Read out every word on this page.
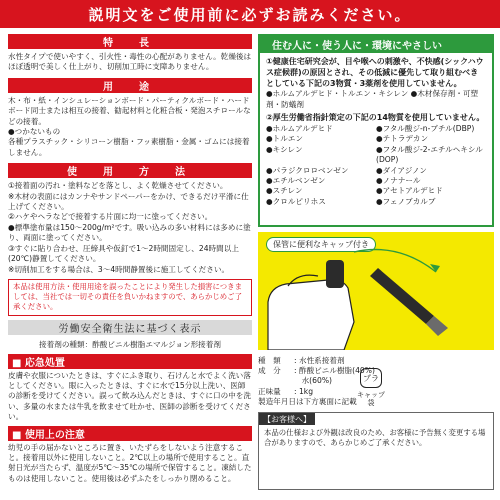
説明文をご使用前に必ずお読みください。
特　長
水性タイプで使いやすく、引火性・毒性の心配がありません。乾燥後はほぼ透明で美しく仕上がり、切削加工時に支障ありません。
用　途
木・布・紙・インシュレーションボード・パーティクルボード・ハードボード同士または相互の接着、勧起材料と化粧合板・発泡スチロールなどの接着。
●つかないもの
各種プラスチック・シリコーン樹脂・フッ素樹脂・金属・ゴムには接着しません。
使　用　方　法
①接着面の汚れ・塗料などを落とし、よく乾燥させてください。
※木材の表面にはカンナやサンドペーパーをかけ、できるだけ平滑に仕上げてください。
②ハケやヘラなどで接着する片面に均一に塗ってください。
●標準塗布量は150〜200g/m²です。吸い込みの多い材料には多めに塗り、両面に塗ってください。
③すぐに貼り合わせ、圧締具や仮釘で1〜2時間固定し、24時間以上(20℃)静置してください。
※切削加工をする場合は、3〜4時間静置後に施工してください。
本品は使用方法・使用用途を誤ったことにより発生した損害につきましては、当社では一切その責任を負いかねますので、あらかじめご了承ください。
労働安全衛生法に基づく表示
接着剤の種類：酢酸ビニル樹脂エマルジョン形接着剤
■ 応急処置
皮膚や衣服についたときは、すぐにふき取り、石けんと水でよく洗い落としてください。眼に入ったときは、すぐに水で15分以上洗い、医師の診断を受けてください。誤って飲み込んだときは、すぐに口の中を洗い、多量の水または牛乳を飲ませて吐かせ、医師の診断を受けてください。
■ 使用上の注意
幼児の手の届かないところに置き、いたずらをしないよう注意すること。接着用以外に使用しないこと。2℃以上の場所で使用すること。直射日光が当たらず、温度が5℃〜35℃の場所で保管すること。凍結したものは使用しないこと。使用後は必ずふたをしっかり閉めること。
住む人に・使う人に・環境にやさしい
①健康住宅研究会が、目や喉への刺激や、不快感(シックハウス症候群)の原因とされ、その低減に優先して取り組むべきとしている下記の3物質・3薬剤を使用していません。
●ホルムアルデヒド・トルエン・キシレン ●木材保存剤・可塑剤・防蟻剤
②厚生労働省指針策定の下記の14物質を使用していません。
●ホルムアルデヒド	●フタル酸ジ-n-ブチル(DBP)
●トルエン	●テトラデカン
●キシレン	●フタル酸ジ-2-エチルヘキシル(DOP)
●パラジクロロベンゼン	●ダイアジノン
●エチルベンゼン	●ノナナール
●スチレン	●アセトアルデヒド
●クロルピリホス	●フェノブカルブ
保管に便利なキャップ付き
種　類	: 水性系接着剤
成　分	: 酢酸ビニル樹脂(40%)
　水(60%)
正味量	: 1kg
製造年月日は下方裏面に記載
プラ
キャップ 袋
【お客様へ】
本品の仕様および外観は改良のため、お客様に予告無く変更する場合がありますので、あらかじめご了承ください。
